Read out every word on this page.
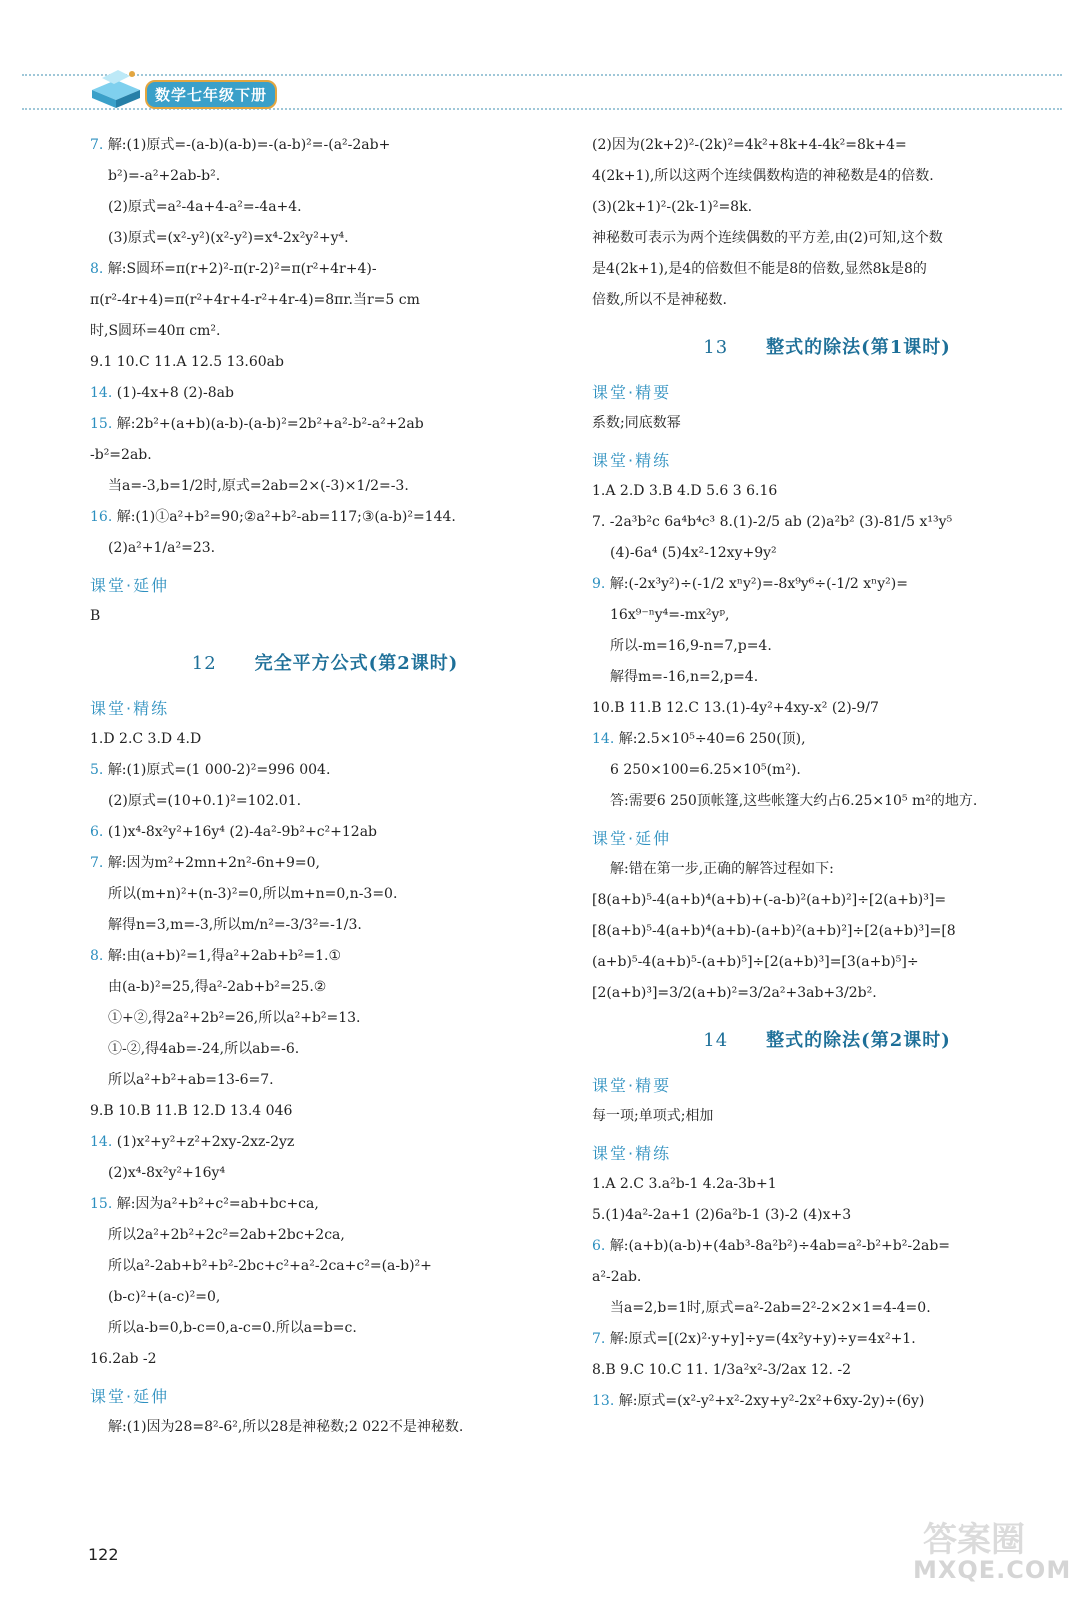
数学七年级下册
7. 解:(1)原式=-(a-b)(a-b)=-(a-b)²=-(a²-2ab+
b²)=-a²+2ab-b².
(2)原式=a²-4a+4-a²=-4a+4.
(3)原式=(x²-y²)(x²-y²)=x⁴-2x²y²+y⁴.
8. 解:S圆环=π(r+2)²-π(r-2)²=π(r²+4r+4)-
π(r²-4r+4)=π(r²+4r+4-r²+4r-4)=8πr.当r=5 cm
时,S圆环=40π cm².
9.1 10.C 11.A 12.5 13.60ab
14. (1)-4x+8 (2)-8ab
15. 解:2b²+(a+b)(a-b)-(a-b)²=2b²+a²-b²-a²+2ab
-b²=2ab.
当a=-3,b=1/2时,原式=2ab=2×(-3)×1/2=-3.
16. 解:(1)①a²+b²=90;②a²+b²-ab=117;③(a-b)²=144.
(2)a²+1/a²=23.
课堂·延伸
B
12 完全平方公式(第2课时)
课堂·精练
1.D 2.C 3.D 4.D
5. 解:(1)原式=(1 000-2)²=996 004.
(2)原式=(10+0.1)²=102.01.
6. (1)x⁴-8x²y²+16y⁴ (2)-4a²-9b²+c²+12ab
7. 解:因为m²+2mn+2n²-6n+9=0,
所以(m+n)²+(n-3)²=0,所以m+n=0,n-3=0.
解得n=3,m=-3,所以m/n²=-3/3²=-1/3.
8. 解:由(a+b)²=1,得a²+2ab+b²=1.①
由(a-b)²=25,得a²-2ab+b²=25.②
①+②,得2a²+2b²=26,所以a²+b²=13.
①-②,得4ab=-24,所以ab=-6.
所以a²+b²+ab=13-6=7.
9.B 10.B 11.B 12.D 13.4 046
14. (1)x²+y²+z²+2xy-2xz-2yz
(2)x⁴-8x²y²+16y⁴
15. 解:因为a²+b²+c²=ab+bc+ca,
所以2a²+2b²+2c²=2ab+2bc+2ca,
所以a²-2ab+b²+b²-2bc+c²+a²-2ca+c²=(a-b)²+
(b-c)²+(a-c)²=0,
所以a-b=0,b-c=0,a-c=0.所以a=b=c.
16.2ab -2
课堂·延伸
解:(1)因为28=8²-6²,所以28是神秘数;2 022不是神秘数.
(2)因为(2k+2)²-(2k)²=4k²+8k+4-4k²=8k+4=
4(2k+1),所以这两个连续偶数构造的神秘数是4的倍数.
(3)(2k+1)²-(2k-1)²=8k.
神秘数可表示为两个连续偶数的平方差,由(2)可知,这个数
是4(2k+1),是4的倍数但不能是8的倍数,显然8k是8的
倍数,所以不是神秘数.
13 整式的除法(第1课时)
课堂·精要
系数;同底数幂
课堂·精练
1.A 2.D 3.B 4.D 5.6 3 6.16
7. -2a³b²c 6a⁴b⁴c³ 8.(1)-2/5 ab (2)a²b² (3)-81/5 x¹³y⁵
(4)-6a⁴ (5)4x²-12xy+9y²
9. 解:(-2x³y²)÷(-1/2 xⁿy²)=-8x⁹y⁶÷(-1/2 xⁿy²)=
16x⁹⁻ⁿy⁴=-mx²yᵖ,
所以-m=16,9-n=7,p=4.
解得m=-16,n=2,p=4.
10.B 11.B 12.C 13.(1)-4y²+4xy-x² (2)-9/7
14. 解:2.5×10⁵÷40=6 250(顶),
6 250×100=6.25×10⁵(m²).
答:需要6 250顶帐篷,这些帐篷大约占6.25×10⁵ m²的地方.
课堂·延伸
解:错在第一步,正确的解答过程如下:
[8(a+b)⁵-4(a+b)⁴(a+b)+(-a-b)²(a+b)²]÷[2(a+b)³]=
[8(a+b)⁵-4(a+b)⁴(a+b)-(a+b)²(a+b)²]÷[2(a+b)³]=[8
(a+b)⁵-4(a+b)⁵-(a+b)⁵]÷[2(a+b)³]=[3(a+b)⁵]÷
[2(a+b)³]=3/2(a+b)²=3/2a²+3ab+3/2b².
14 整式的除法(第2课时)
课堂·精要
每一项;单项式;相加
课堂·精练
1.A 2.C 3.a²b-1 4.2a-3b+1
5.(1)4a²-2a+1 (2)6a²b-1 (3)-2 (4)x+3
6. 解:(a+b)(a-b)+(4ab³-8a²b²)÷4ab=a²-b²+b²-2ab=
a²-2ab.
当a=2,b=1时,原式=a²-2ab=2²-2×2×1=4-4=0.
7. 解:原式=[(2x)²·y+y]÷y=(4x²y+y)÷y=4x²+1.
8.B 9.C 10.C 11. 1/3a²x²-3/2ax 12. -2
13. 解:原式=(x²-y²+x²-2xy+y²-2x²+6xy-2y)÷(6y)
122	答案圈
MXQE.COM
